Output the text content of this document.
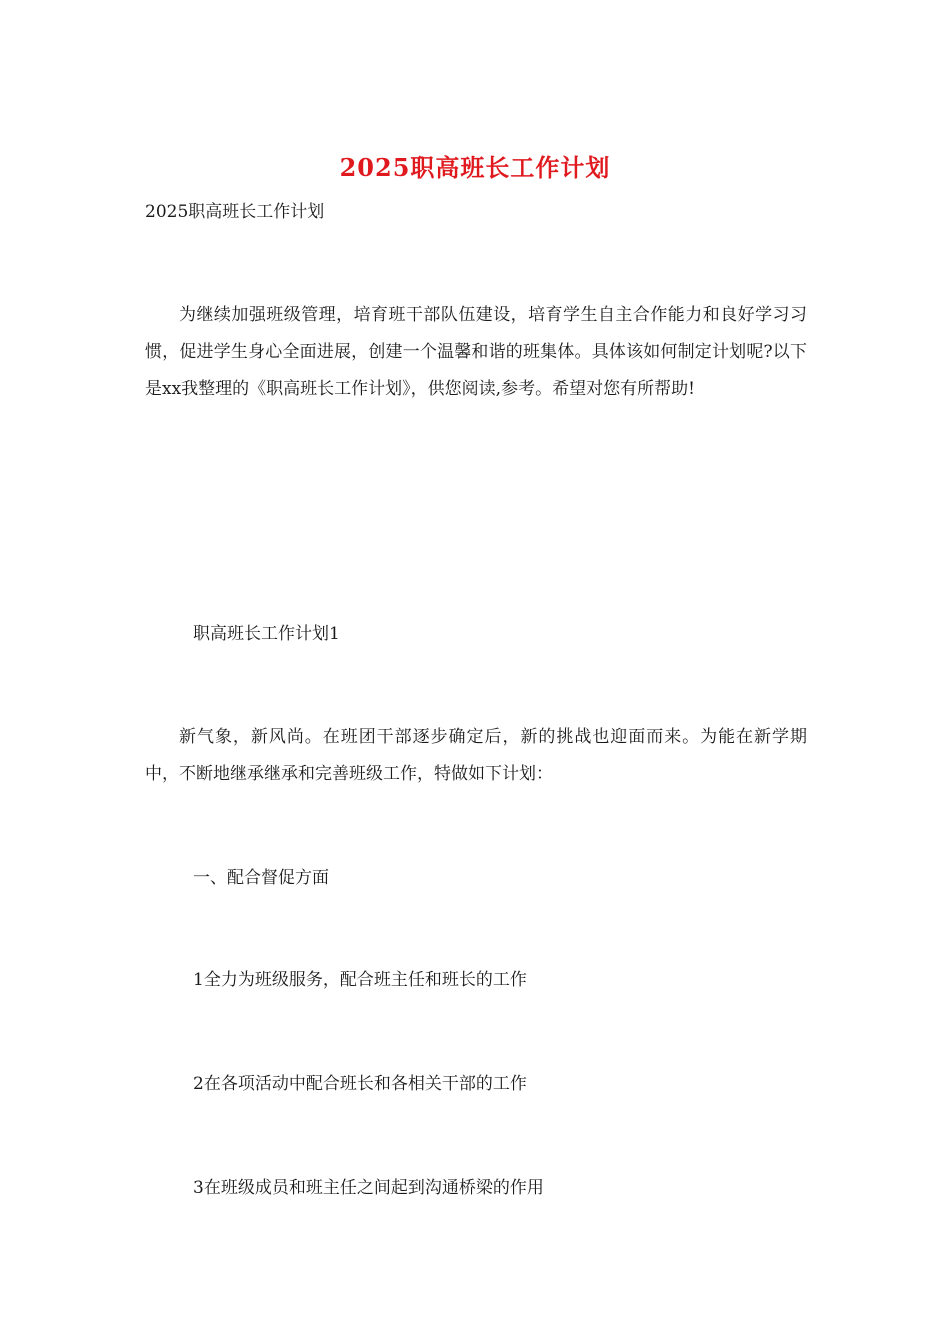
2025职高班长工作计划
2025职高班长工作计划

为继续加强班级管理，培育班干部队伍建设，培育学生自主合作能力和良好学习习惯，促进学生身心全面进展，创建一个温馨和谐的班集体。具体该如何制定计划呢?以下是xx我整理的《职高班长工作计划》，供您阅读,参考。希望对您有所帮助!

职高班长工作计划1

新气象，新风尚。在班团干部逐步确定后，新的挑战也迎面而来。为能在新学期中，不断地继承继承和完善班级工作，特做如下计划：

一、配合督促方面
1全力为班级服务，配合班主任和班长的工作
2在各项活动中配合班长和各相关干部的工作
3在班级成员和班主任之间起到沟通桥梁的作用
